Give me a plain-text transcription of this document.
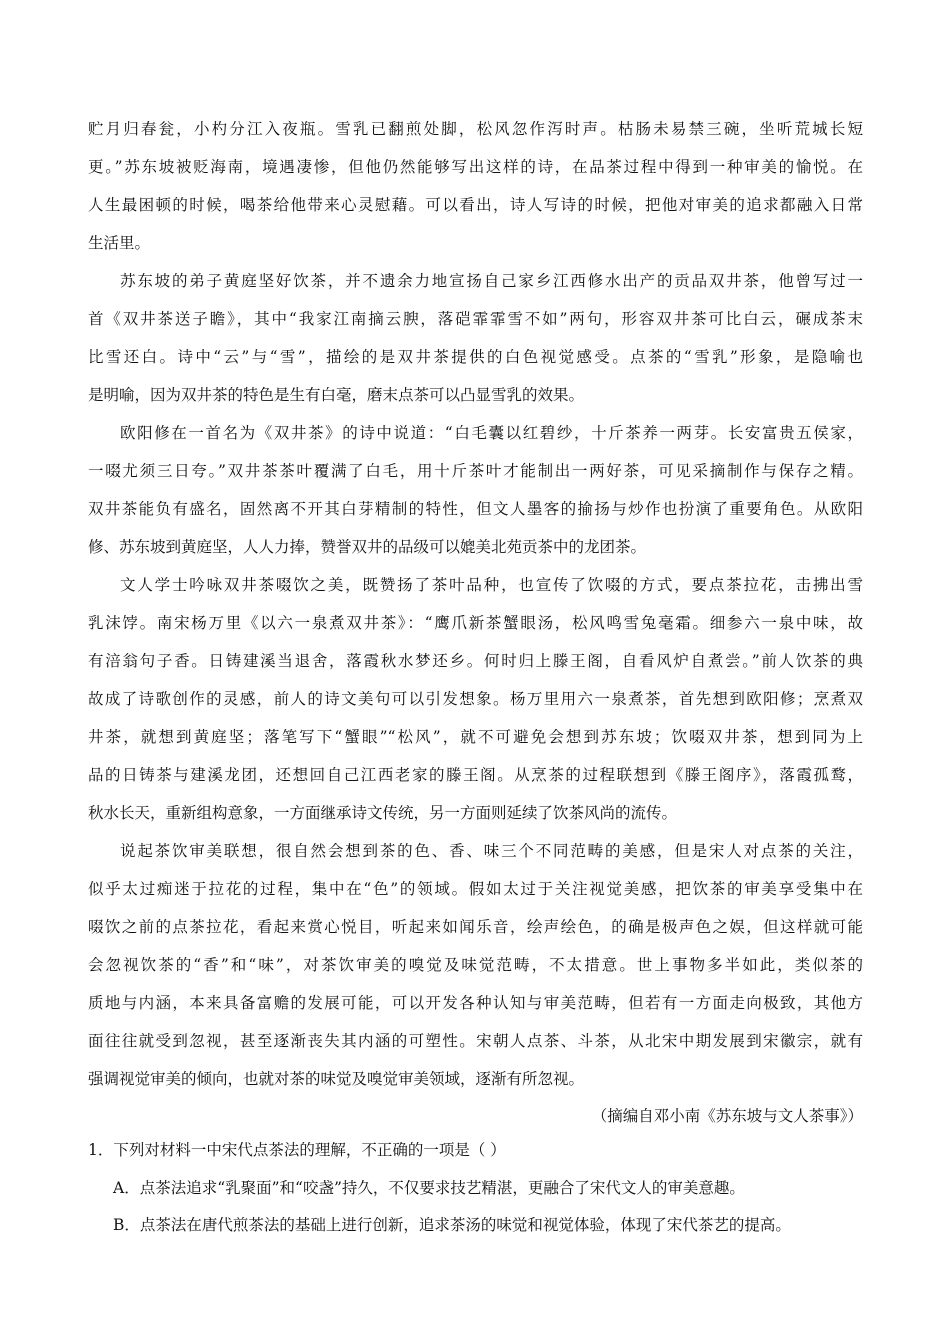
贮月归春瓮，小杓分江入夜瓶。雪乳已翻煎处脚，松风忽作泻时声。枯肠未易禁三碗，坐听荒城长短
更。”苏东坡被贬海南，境遇凄惨，但他仍然能够写出这样的诗，在品茶过程中得到一种审美的愉悦。在
人生最困顿的时候，喝茶给他带来心灵慰藉。可以看出，诗人写诗的时候，把他对审美的追求都融入日常
生活里。
苏东坡的弟子黄庭坚好饮茶，并不遗余力地宣扬自己家乡江西修水出产的贡品双井茶，他曾写过一
首《双井茶送子瞻》，其中“我家江南摘云腴，落硙霏霏雪不如”两句，形容双井茶可比白云，碾成茶末
比雪还白。诗中“云”与“雪”，描绘的是双井茶提供的白色视觉感受。点茶的“雪乳”形象，是隐喻也
是明喻，因为双井茶的特色是生有白毫，磨末点茶可以凸显雪乳的效果。
欧阳修在一首名为《双井茶》的诗中说道：“白毛囊以红碧纱，十斤茶养一两芽。长安富贵五侯家，
一啜尤须三日夸。”双井茶茶叶覆满了白毛，用十斤茶叶才能制出一两好茶，可见采摘制作与保存之精。
双井茶能负有盛名，固然离不开其白芽精制的特性，但文人墨客的揄扬与炒作也扮演了重要角色。从欧阳
修、苏东坡到黄庭坚，人人力捧，赞誉双井的品级可以媲美北苑贡茶中的龙团茶。
文人学士吟咏双井茶啜饮之美，既赞扬了茶叶品种，也宣传了饮啜的方式，要点茶拉花，击拂出雪
乳沫饽。南宋杨万里《以六一泉煮双井茶》：“鹰爪新茶蟹眼汤，松风鸣雪兔毫霜。细参六一泉中味，故
有涪翁句子香。日铸建溪当退舍，落霞秋水梦还乡。何时归上滕王阁，自看风炉自煮尝。”前人饮茶的典
故成了诗歌创作的灵感，前人的诗文美句可以引发想象。杨万里用六一泉煮茶，首先想到欧阳修；烹煮双
井茶，就想到黄庭坚；落笔写下“蟹眼”“松风”，就不可避免会想到苏东坡；饮啜双井茶，想到同为上
品的日铸茶与建溪龙团，还想回自己江西老家的滕王阁。从烹茶的过程联想到《滕王阁序》，落霞孤鹜，
秋水长天，重新组构意象，一方面继承诗文传统，另一方面则延续了饮茶风尚的流传。
说起茶饮审美联想，很自然会想到茶的色、香、味三个不同范畴的美感，但是宋人对点茶的关注，
似乎太过痴迷于拉花的过程，集中在“色”的领域。假如太过于关注视觉美感，把饮茶的审美享受集中在
啜饮之前的点茶拉花，看起来赏心悦目，听起来如闻乐音，绘声绘色，的确是极声色之娱，但这样就可能
会忽视饮茶的“香”和“味”，对茶饮审美的嗅觉及味觉范畴，不太措意。世上事物多半如此，类似茶的
质地与内涵，本来具备富赡的发展可能，可以开发各种认知与审美范畴，但若有一方面走向极致，其他方
面往往就受到忽视，甚至逐渐丧失其内涵的可塑性。宋朝人点茶、斗茶，从北宋中期发展到宋徽宗，就有
强调视觉审美的倾向，也就对茶的味觉及嗅觉审美领域，逐渐有所忽视。
（摘编自邓小南《苏东坡与文人茶事》）
1．下列对材料一中宋代点茶法的理解，不正确的一项是（ ）
A．点茶法追求“乳聚面”和“咬盏”持久，不仅要求技艺精湛，更融合了宋代文人的审美意趣。
B．点茶法在唐代煎茶法的基础上进行创新，追求茶汤的味觉和视觉体验，体现了宋代茶艺的提高。
